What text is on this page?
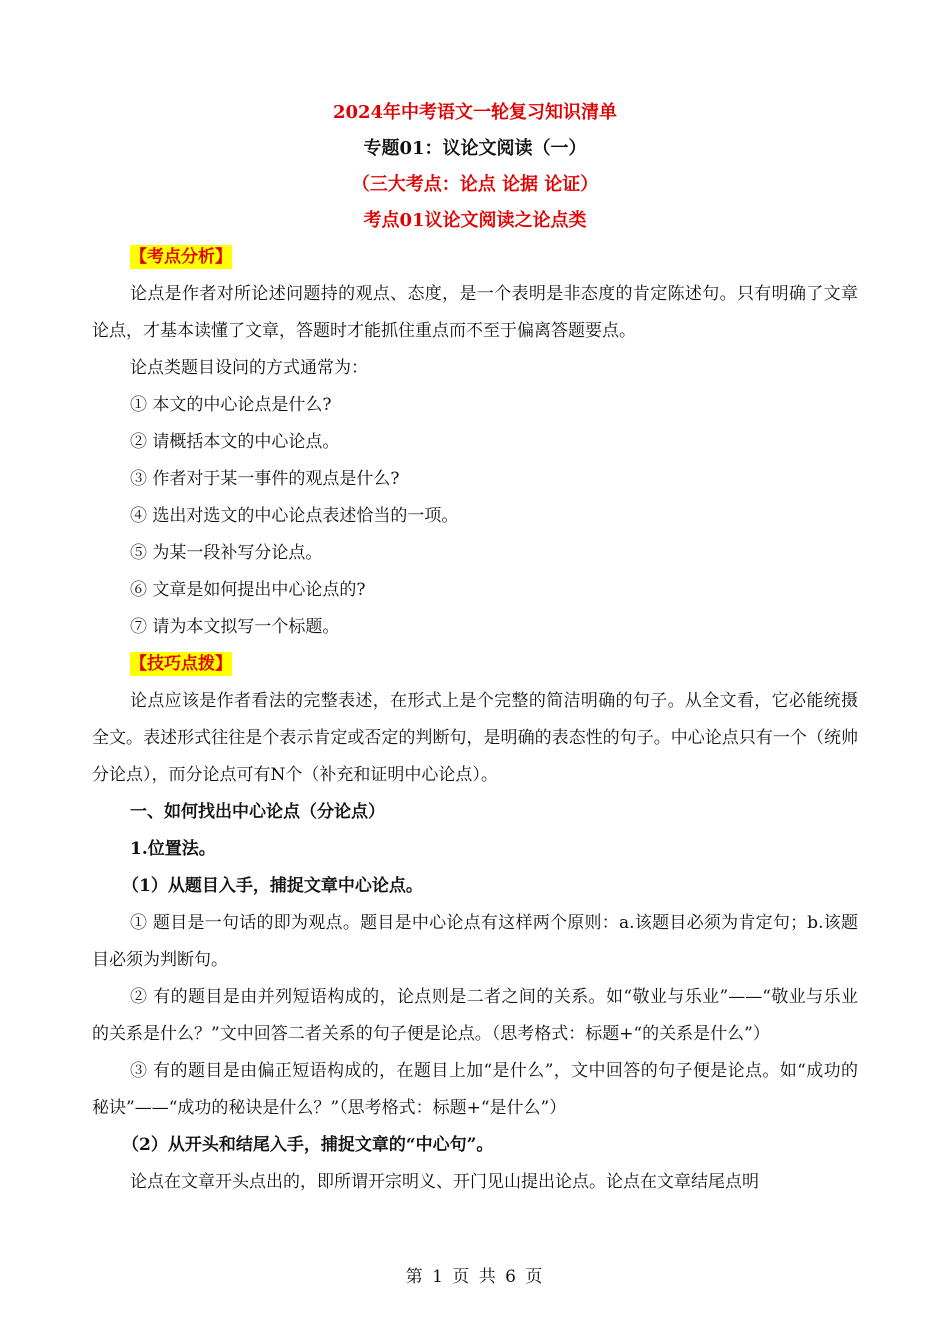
2024年中考语文一轮复习知识清单

专题01：议论文阅读（一）

（三大考点：论点 论据 论证）

考点01议论文阅读之论点类

【考点分析】

论点是作者对所论述问题持的观点、态度，是一个表明是非态度的肯定陈述句。只有明确了文章论点，才基本读懂了文章，答题时才能抓住重点而不至于偏离答题要点。

论点类题目设问的方式通常为：

① 本文的中心论点是什么?

② 请概括本文的中心论点。

③ 作者对于某一事件的观点是什么?

④ 选出对选文的中心论点表述恰当的一项。

⑤ 为某一段补写分论点。

⑥ 文章是如何提出中心论点的?

⑦ 请为本文拟写一个标题。

【技巧点拨】

论点应该是作者看法的完整表述，在形式上是个完整的简洁明确的句子。从全文看，它必能统摄全文。表述形式往往是个表示肯定或否定的判断句，是明确的表态性的句子。中心论点只有一个（统帅分论点），而分论点可有N个（补充和证明中心论点）。

一、如何找出中心论点（分论点）

1.位置法。

（1）从题目入手，捕捉文章中心论点。

① 题目是一句话的即为观点。题目是中心论点有这样两个原则：a.该题目必须为肯定句；b.该题目必须为判断句。

② 有的题目是由并列短语构成的，论点则是二者之间的关系。如“敬业与乐业”——“敬业与乐业的关系是什么？”文中回答二者关系的句子便是论点。（思考格式：标题+“的关系是什么”）

③ 有的题目是由偏正短语构成的，在题目上加“是什么”，文中回答的句子便是论点。如“成功的秘诀”——“成功的秘诀是什么？”（思考格式：标题+“是什么”）

（2）从开头和结尾入手，捕捉文章的“中心句”。

论点在文章开头点出的，即所谓开宗明义、开门见山提出论点。论点在文章结尾点明

第 1 页 共 6 页
